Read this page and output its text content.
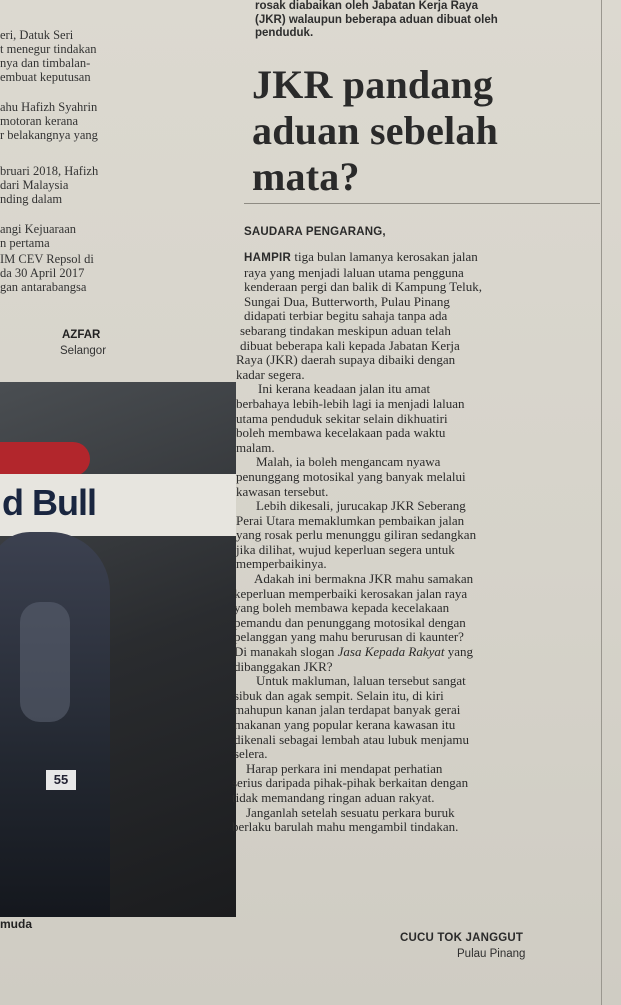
eri, Datuk Seri
t menegur tindakan
nya dan timbalan-
embuat keputusan
ahu Hafizh Syahrin
motoran kerana
r belakangnya yang
bruari 2018, Hafizh
dari Malaysia
nding dalam
angi Kejuaraan
n pertama
IM CEV Repsol di
da 30 April 2017
gan antarabangsa
AZFAR
Selangor
d Bull
55
muda
rosak diabaikan oleh Jabatan Kerja Raya
(JKR) walaupun beberapa aduan dibuat oleh
penduduk.
JKR pandang
aduan sebelah
mata?
SAUDARA PENGARANG,
HAMPIR tiga bulan lamanya kerosakan jalan
raya yang menjadi laluan utama pengguna
kenderaan pergi dan balik di Kampung Teluk,
Sungai Dua, Butterworth, Pulau Pinang
didapati terbiar begitu sahaja tanpa ada
sebarang tindakan meskipun aduan telah
dibuat beberapa kali kepada Jabatan Kerja
Raya (JKR) daerah supaya dibaiki dengan
kadar segera.
Ini kerana keadaan jalan itu amat
berbahaya lebih-lebih lagi ia menjadi laluan
utama penduduk sekitar selain dikhuatiri
boleh membawa kecelakaan pada waktu
malam.
Malah, ia boleh mengancam nyawa
penunggang motosikal yang banyak melalui
kawasan tersebut.
Lebih dikesali, jurucakap JKR Seberang
Perai Utara memaklumkan pembaikan jalan
yang rosak perlu menunggu giliran sedangkan
jika dilihat, wujud keperluan segera untuk
memperbaikinya.
Adakah ini bermakna JKR mahu samakan
keperluan memperbaiki kerosakan jalan raya
yang boleh membawa kepada kecelakaan
pemandu dan penunggang motosikal dengan
pelanggan yang mahu berurusan di kaunter?
Di manakah slogan Jasa Kepada Rakyat yang
dibanggakan JKR?
Untuk makluman, laluan tersebut sangat
sibuk dan agak sempit. Selain itu, di kiri
mahupun kanan jalan terdapat banyak gerai
makanan yang popular kerana kawasan itu
dikenali sebagai lembah atau lubuk menjamu
selera.
Harap perkara ini mendapat perhatian
serius daripada pihak-pihak berkaitan dengan
tidak memandang ringan aduan rakyat.
Janganlah setelah sesuatu perkara buruk
berlaku barulah mahu mengambil tindakan.
CUCU TOK JANGGUT
Pulau Pinang
